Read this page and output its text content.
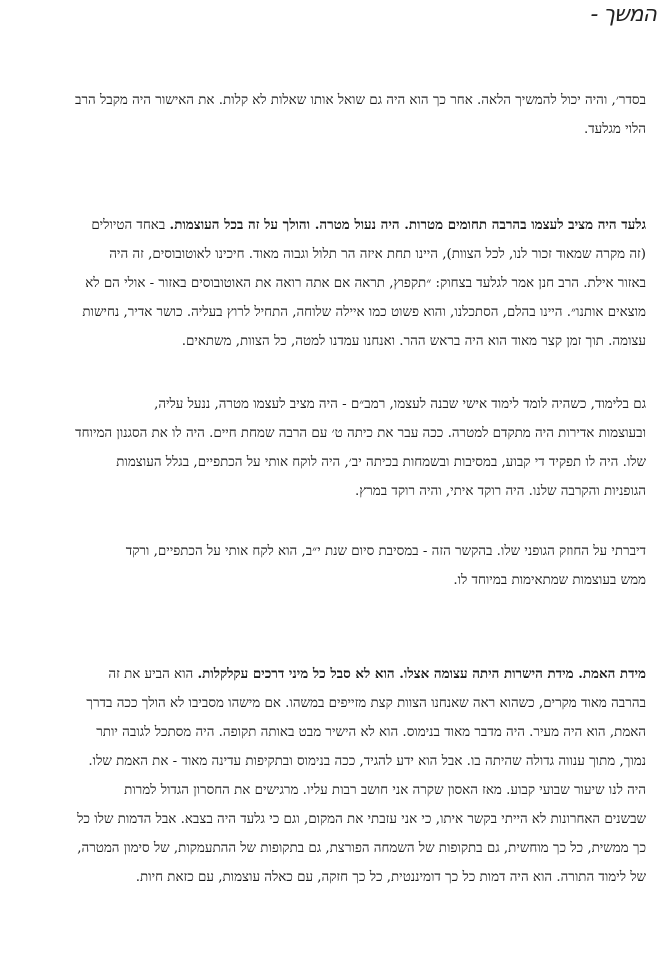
המשך -
בסדר׳, והיה יכול להמשיך הלאה. אחר כך הוא היה גם שואל אותו שאלות לא קלות. את האישור היה מקבל הרב
הלוי מגלעד.
גלעד היה מציב לעצמו בהרבה תחומים מטרות. היה נעול מטרה. והולך על זה בכל העוצמות. באחד הטיולים
(זה מקרה שמאוד זכור לנו, לכל הצוות), היינו תחת איזה הר תלול וגבוה מאוד. חיכינו לאוטובוסים, זה היה
באזור אילת. הרב חנן אמר לגלעד בצחוק: ״תקפוץ, תראה אם אתה רואה את האוטובוסים באזור - אולי הם לא
מוצאים אותנו״. היינו בהלם, הסתכלנו, והוא פשוט כמו איילה שלוחה, התחיל לרוץ בעליה. כושר אדיר, נחישות
עצומה. תוך זמן קצר מאוד הוא היה בראש ההר. ואנחנו עמדנו למטה, כל הצוות, משתאים.
גם בלימוד, כשהיה לומד לימוד אישי שבנה לעצמו, רמב״ם - היה מציב לעצמו מטרה, ננעל עליה,
ובעוצמות אדירות היה מתקדם למטרה. ככה עבר את כיתה ט׳ עם הרבה שמחת חיים. היה לו את הסגנון המיוחד
שלו. היה לו תפקיד די קבוע, במסיבות ובשמחות בכיתה יב׳, היה לוקח אותי על הכתפיים, בגלל העוצמות
הגופניות והקרבה שלנו. היה רוקד איתי, והיה רוקד במרץ.
דיברתי על החוזק הגופני שלו. בהקשר הזה - במסיבת סיום שנת י״ב, הוא לקח אותי על הכתפיים, ורקד
ממש בעוצמות שמתאימות במיוחד לו.
מידת האמת. מידת הישרות היתה עצומה אצלו. הוא לא סבל כל מיני דרכים עקלקלות. הוא הביע את זה
בהרבה מאוד מקרים, כשהוא ראה שאנחנו הצוות קצת מזייפים במשהו. אם מישהו מסביבו לא הולך ככה בדרך
האמת, הוא היה מעיר. היה מדבר מאוד בנימוס. הוא לא הישיר מבט באותה תקופה. היה מסתכל לגובה יותר
נמוך, מתוך ענווה גדולה שהיתה בו. אבל הוא ידע להגיד, ככה בנימוס ובתקיפות עדינה מאוד - את האמת שלו.
היה לנו שיעור שבועי קבוע. מאז האסון שקרה אני חושב רבות עליו. מרגישים את החסרון הגדול למרות
שבשנים האחרונות לא הייתי בקשר איתו, כי אני עזבתי את המקום, וגם כי גלעד היה בצבא. אבל הדמות שלו כל
כך ממשית, כל כך מוחשית, גם בתקופות של השמחה הפורצת, גם בתקופות של ההתעמקות, של סימון המטרה,
של לימוד התורה. הוא היה דמות כל כך דומיננטית, כל כך חזקה, עם כאלה עוצמות, עם כזאת חיות.
